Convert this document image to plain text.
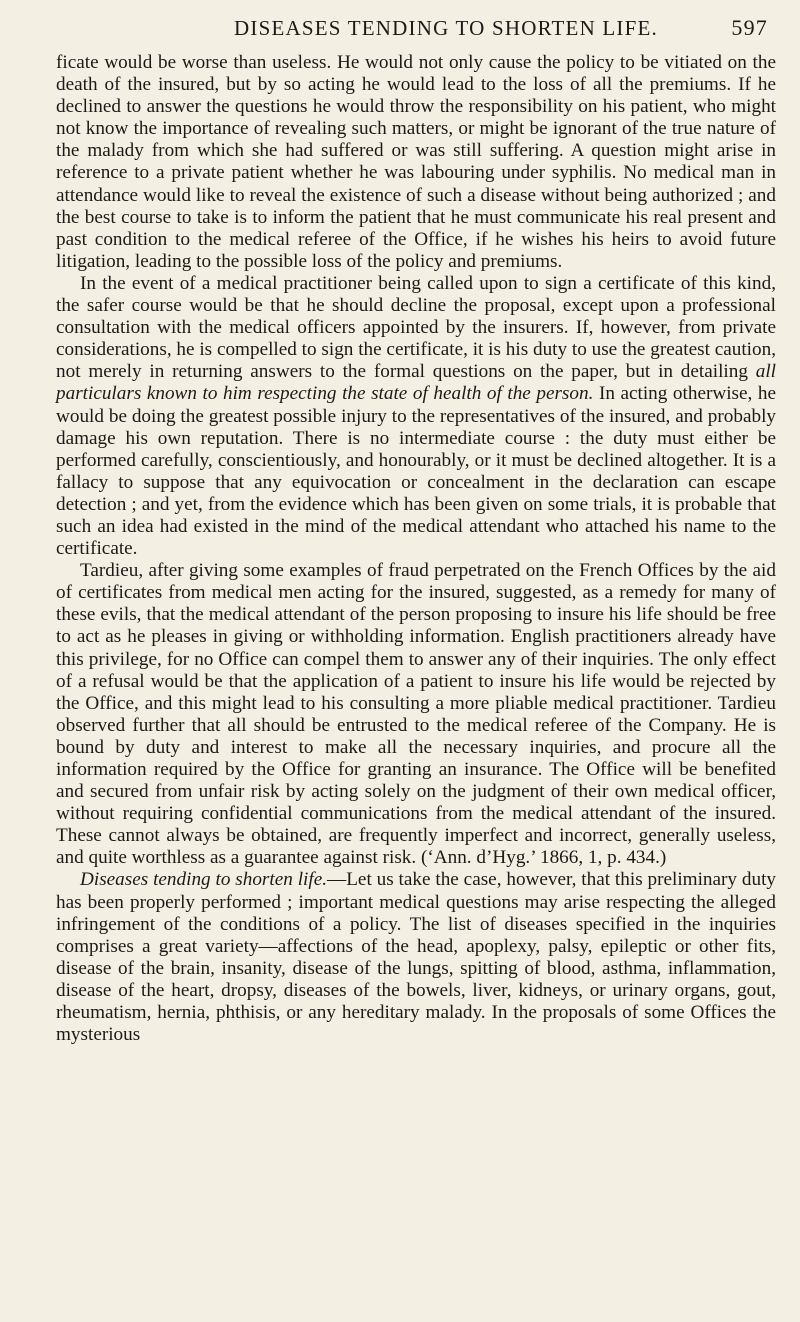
DISEASES TENDING TO SHORTEN LIFE.	597

ficate would be worse than useless. He would not only cause the policy to be vitiated on the death of the insured, but by so acting he would lead to the loss of all the premiums. If he declined to answer the questions he would throw the responsibility on his patient, who might not know the importance of revealing such matters, or might be ignorant of the true nature of the malady from which she had suffered or was still suffering. A question might arise in reference to a private patient whether he was labouring under syphilis. No medical man in attendance would like to reveal the existence of such a disease without being authorized ; and the best course to take is to inform the patient that he must communicate his real present and past condition to the medical referee of the Office, if he wishes his heirs to avoid future litigation, leading to the possible loss of the policy and premiums.

In the event of a medical practitioner being called upon to sign a certificate of this kind, the safer course would be that he should decline the proposal, except upon a professional consultation with the medical officers appointed by the insurers. If, however, from private considerations, he is compelled to sign the certificate, it is his duty to use the greatest caution, not merely in returning answers to the formal questions on the paper, but in detailing all particulars known to him respecting the state of health of the person. In acting otherwise, he would be doing the greatest possible injury to the representatives of the insured, and probably damage his own reputation. There is no intermediate course : the duty must either be performed carefully, conscientiously, and honourably, or it must be declined altogether. It is a fallacy to suppose that any equivocation or concealment in the declaration can escape detection ; and yet, from the evidence which has been given on some trials, it is probable that such an idea had existed in the mind of the medical attendant who attached his name to the certificate.

Tardieu, after giving some examples of fraud perpetrated on the French Offices by the aid of certificates from medical men acting for the insured, suggested, as a remedy for many of these evils, that the medical attendant of the person proposing to insure his life should be free to act as he pleases in giving or withholding information. English practitioners already have this privilege, for no Office can compel them to answer any of their inquiries. The only effect of a refusal would be that the application of a patient to insure his life would be rejected by the Office, and this might lead to his consulting a more pliable medical practitioner. Tardieu observed further that all should be entrusted to the medical referee of the Company. He is bound by duty and interest to make all the necessary inquiries, and procure all the information required by the Office for granting an insurance. The Office will be benefited and secured from unfair risk by acting solely on the judgment of their own medical officer, without requiring confidential communications from the medical attendant of the insured. These cannot always be obtained, are frequently imperfect and incorrect, generally useless, and quite worthless as a guarantee against risk. (‘Ann. d’Hyg.’ 1866, 1, p. 434.)

Diseases tending to shorten life.—Let us take the case, however, that this preliminary duty has been properly performed ; important medical questions may arise respecting the alleged infringement of the conditions of a policy. The list of diseases specified in the inquiries comprises a great variety—affections of the head, apoplexy, palsy, epileptic or other fits, disease of the brain, insanity, disease of the lungs, spitting of blood, asthma, inflammation, disease of the heart, dropsy, diseases of the bowels, liver, kidneys, or urinary organs, gout, rheumatism, hernia, phthisis, or any hereditary malady. In the proposals of some Offices the mysterious
